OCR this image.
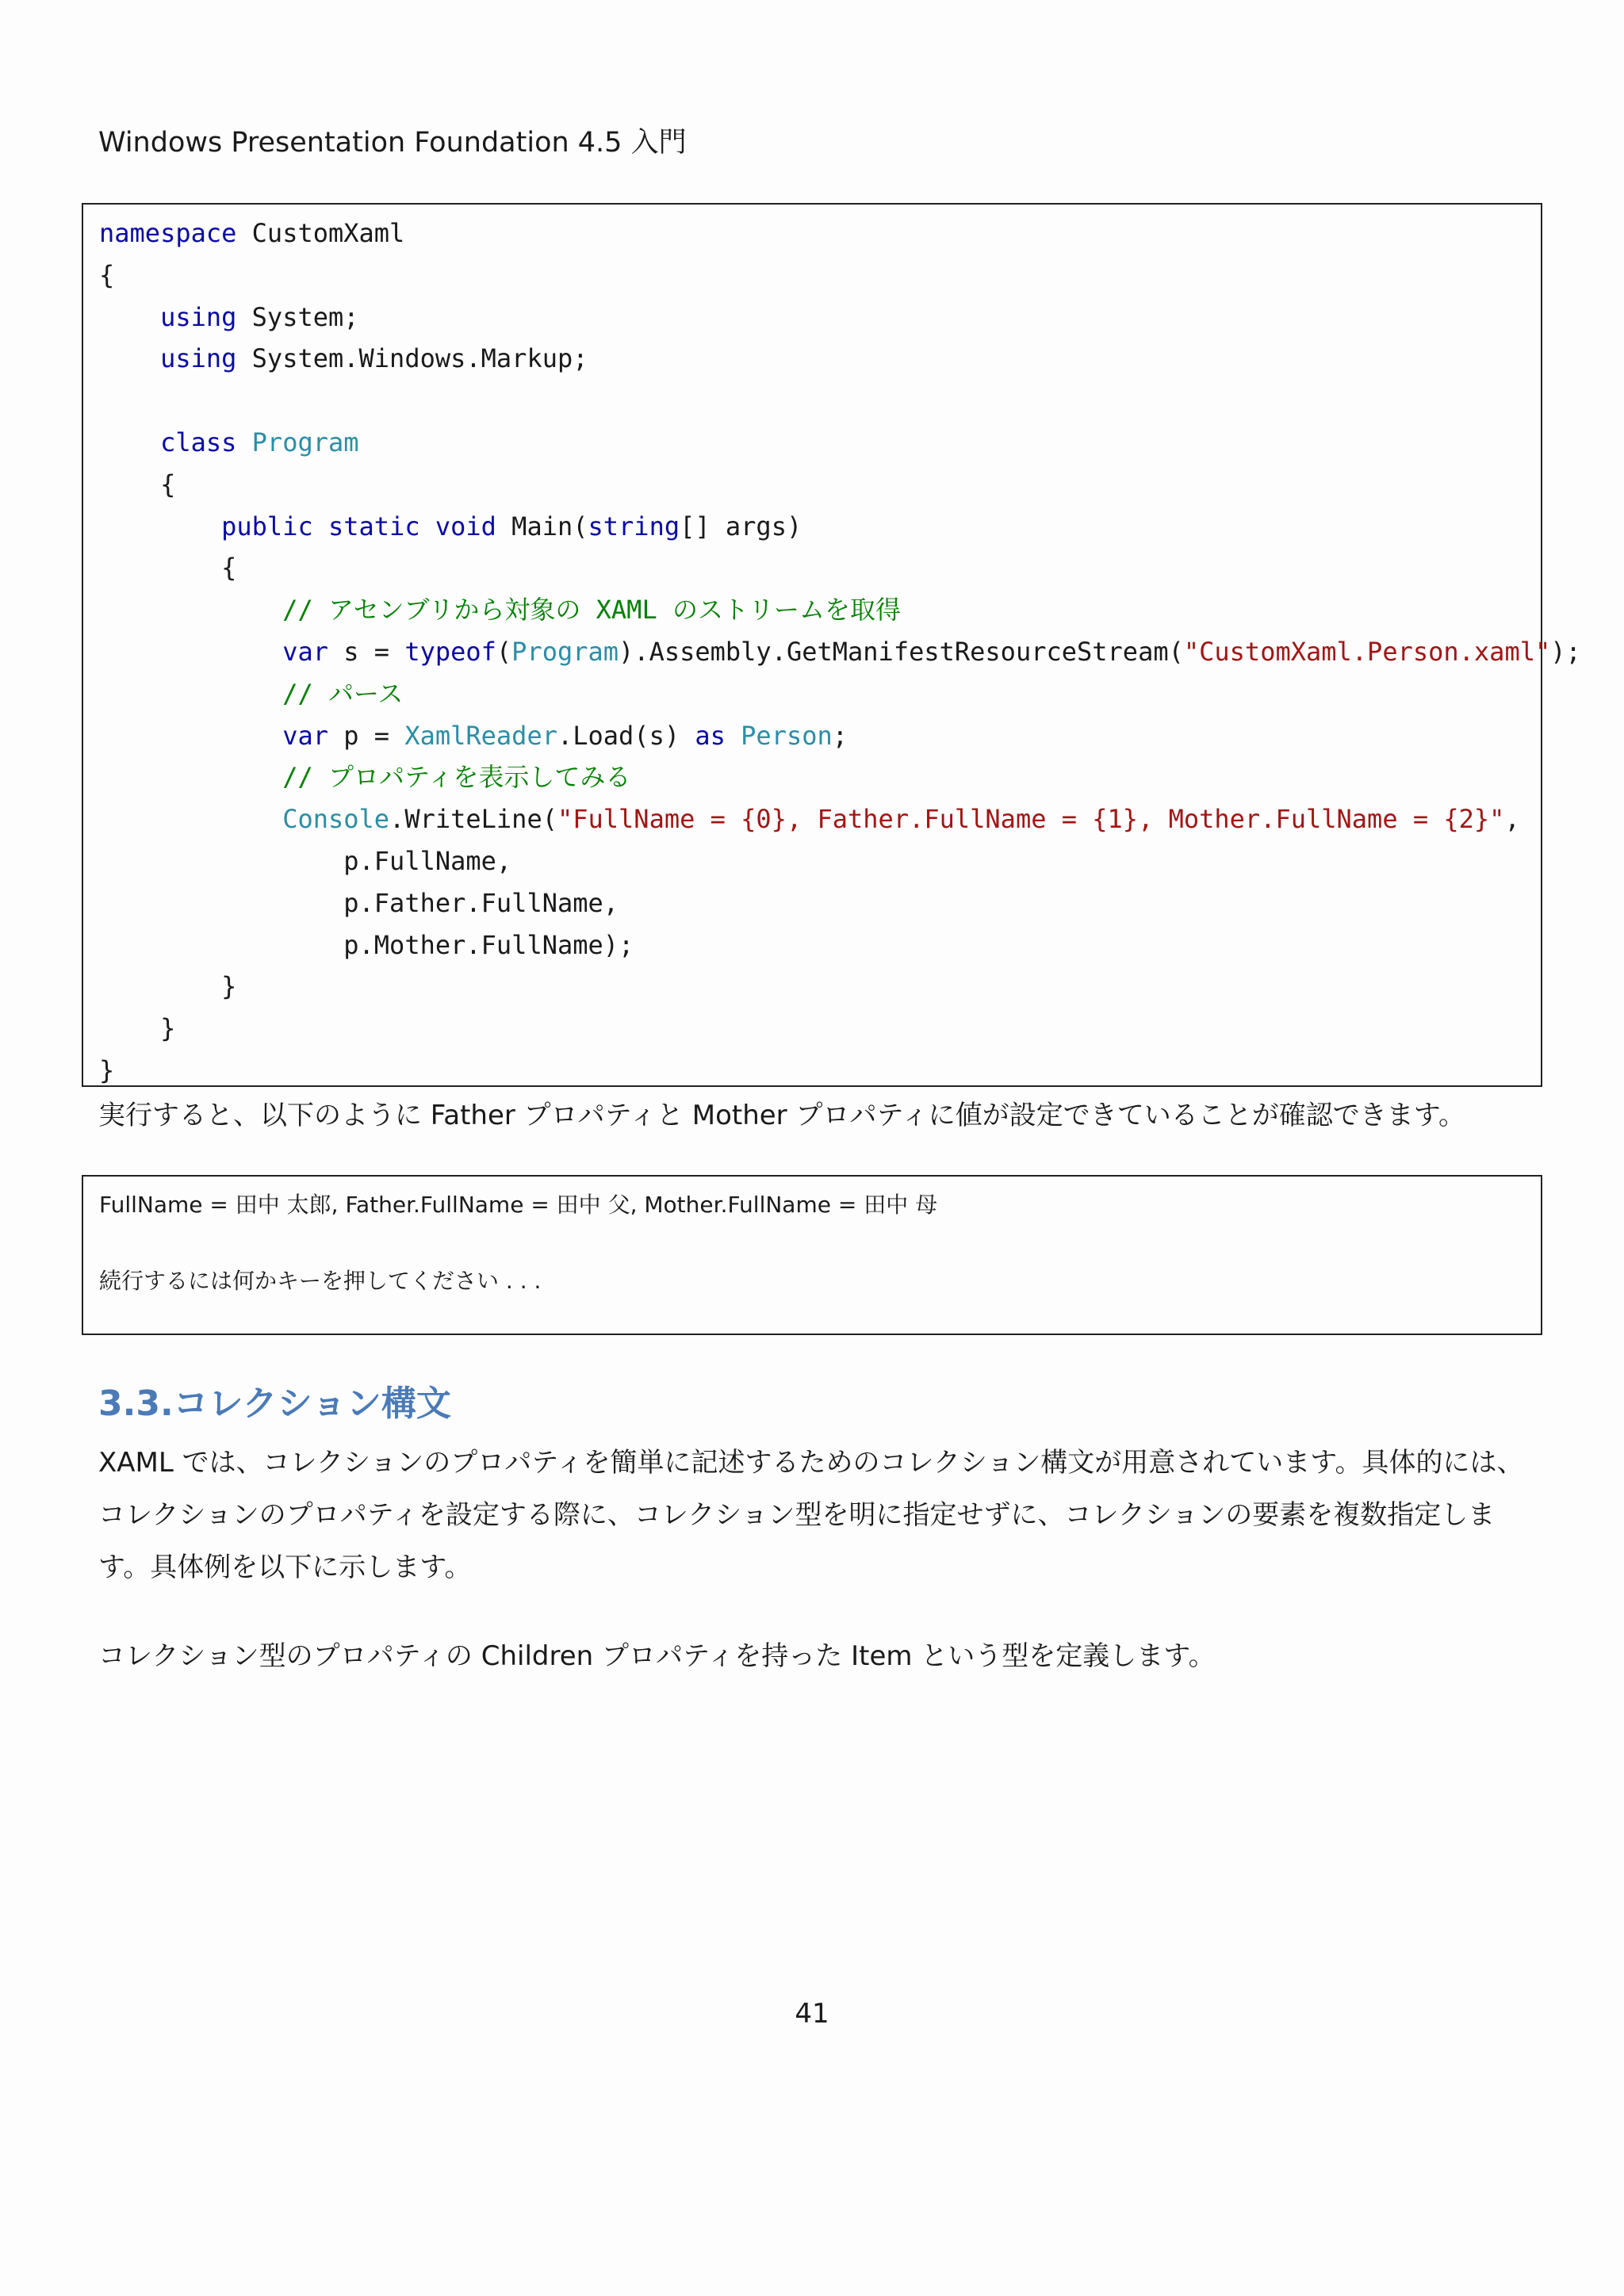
Windows Presentation Foundation 4.5 入門
namespace CustomXaml
{
using System;
using System.Windows.Markup;
class Program
{
public static void Main(string[] args)
{
// アセンブリから対象の XAML のストリームを取得
var s = typeof(Program).Assembly.GetManifestResourceStream("CustomXaml.Person.xaml");
// パース
var p = XamlReader.Load(s) as Person;
// プロパティを表示してみる
Console.WriteLine("FullName = {0}, Father.FullName = {1}, Mother.FullName = {2}",
p.FullName,
p.Father.FullName,
p.Mother.FullName);
}
}
}
実行すると、以下のように Father プロパティと Mother プロパティに値が設定できていることが確認できます。
FullName = 田中 太郎, Father.FullName = 田中 父, Mother.FullName = 田中 母
続行するには何かキーを押してください . . .
3.3.コレクション構文
XAML では、コレクションのプロパティを簡単に記述するためのコレクション構文が用意されています。具体的には、コレクションのプロパティを設定する際に、コレクション型を明に指定せずに、コレクションの要素を複数指定します。具体例を以下に示します。
コレクション型のプロパティの Children プロパティを持った Item という型を定義します。
41
